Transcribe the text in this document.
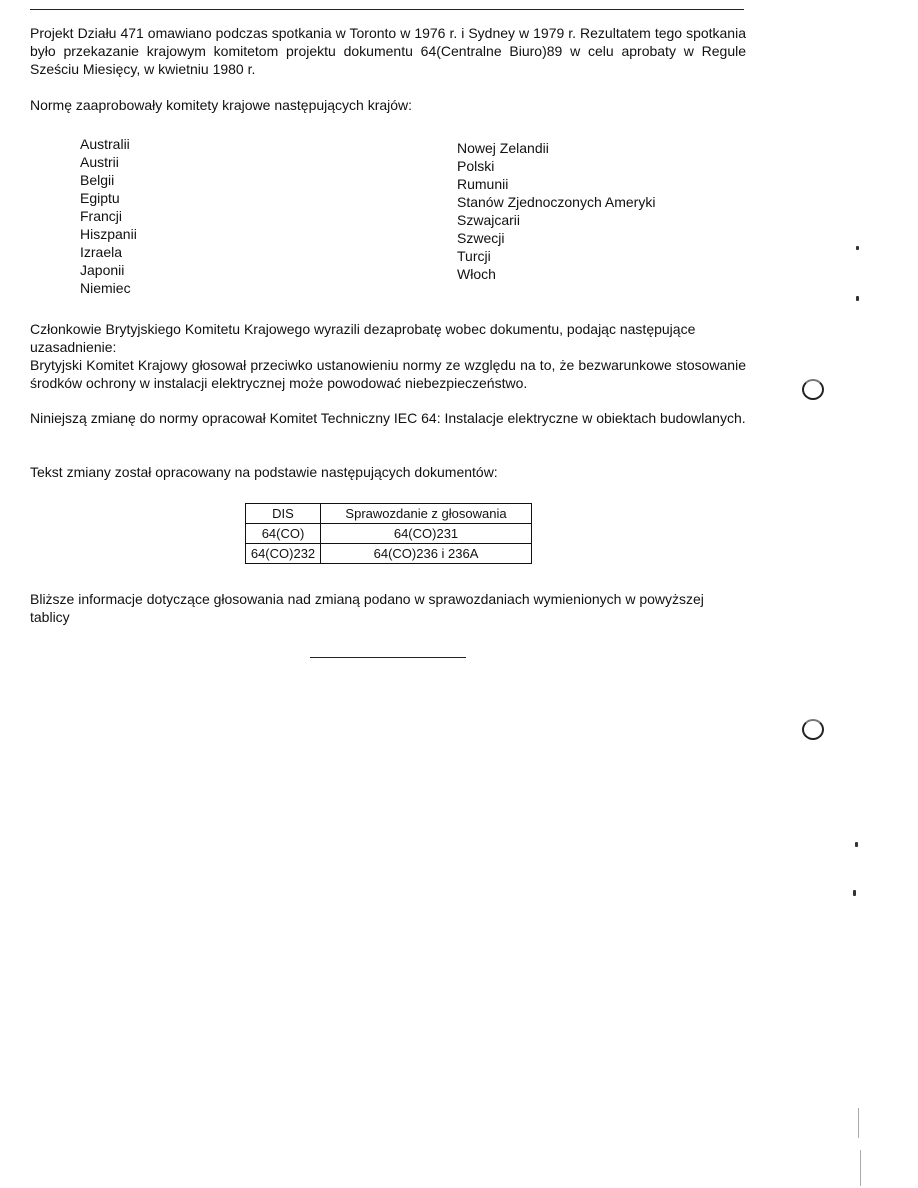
Projekt Działu 471 omawiano podczas spotkania w Toronto w 1976 r. i Sydney w 1979 r. Rezultatem tego spotkania było przekazanie krajowym komitetom projektu dokumentu 64(Centralne Biuro)89 w celu aprobaty w Regule Sześciu Miesięcy, w kwietniu 1980 r.

Normę zaaprobowały komitety krajowe następujących krajów:

Australii
Austrii
Belgii
Egiptu
Francji
Hiszpanii
Izraela
Japonii
Niemiec
Nowej Zelandii
Polski
Rumunii
Stanów Zjednoczonych Ameryki
Szwajcarii
Szwecji
Turcji
Włoch

Członkowie Brytyjskiego Komitetu Krajowego wyrazili dezaprobatę wobec dokumentu, podając następujące uzasadnienie:

Brytyjski Komitet Krajowy głosował przeciwko ustanowieniu normy ze względu na to, że bezwarunkowe stosowanie środków ochrony w instalacji elektrycznej może powodować niebezpieczeństwo.

Niniejszą zmianę do normy opracował Komitet Techniczny IEC 64: Instalacje elektryczne w obiektach budowlanych.

Tekst zmiany został opracowany na podstawie następujących dokumentów:

DIS	Sprawozdanie z głosowania
64(CO)	64(CO)231
64(CO)232	64(CO)236 i 236A

Bliższe informacje dotyczące głosowania nad zmianą podano w sprawozdaniach wymienionych w powyższej tablicy
